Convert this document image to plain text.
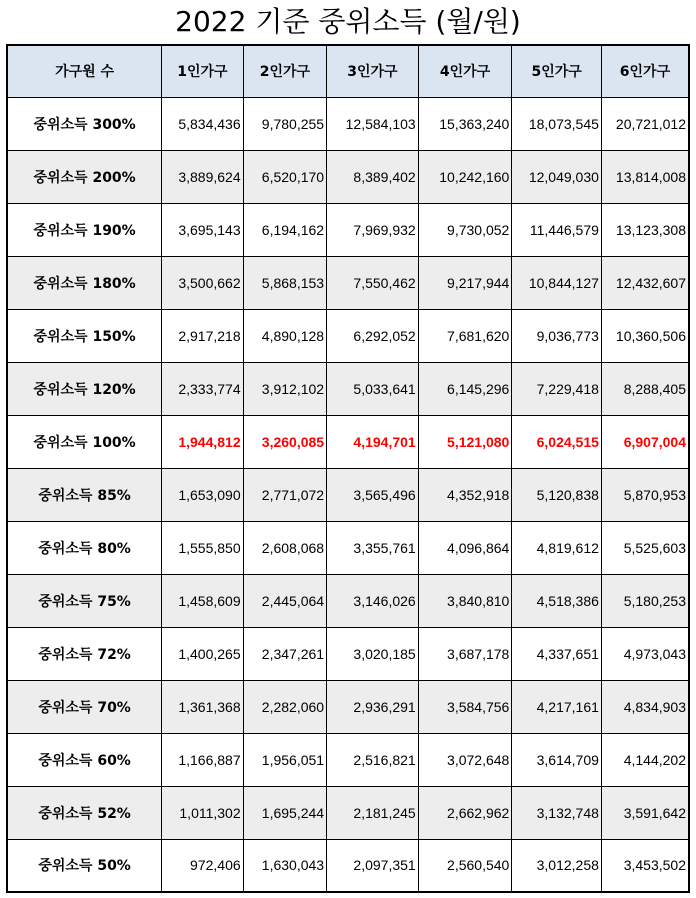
2022 기준 중위소득 (월/원)
가구원 수	1인가구	2인가구	3인가구	4인가구	5인가구	6인가구
중위소득 300%	5,834,436	9,780,255	12,584,103	15,363,240	18,073,545	20,721,012
중위소득 200%	3,889,624	6,520,170	8,389,402	10,242,160	12,049,030	13,814,008
중위소득 190%	3,695,143	6,194,162	7,969,932	9,730,052	11,446,579	13,123,308
중위소득 180%	3,500,662	5,868,153	7,550,462	9,217,944	10,844,127	12,432,607
중위소득 150%	2,917,218	4,890,128	6,292,052	7,681,620	9,036,773	10,360,506
중위소득 120%	2,333,774	3,912,102	5,033,641	6,145,296	7,229,418	8,288,405
중위소득 100%	1,944,812	3,260,085	4,194,701	5,121,080	6,024,515	6,907,004
중위소득 85%	1,653,090	2,771,072	3,565,496	4,352,918	5,120,838	5,870,953
중위소득 80%	1,555,850	2,608,068	3,355,761	4,096,864	4,819,612	5,525,603
중위소득 75%	1,458,609	2,445,064	3,146,026	3,840,810	4,518,386	5,180,253
중위소득 72%	1,400,265	2,347,261	3,020,185	3,687,178	4,337,651	4,973,043
중위소득 70%	1,361,368	2,282,060	2,936,291	3,584,756	4,217,161	4,834,903
중위소득 60%	1,166,887	1,956,051	2,516,821	3,072,648	3,614,709	4,144,202
중위소득 52%	1,011,302	1,695,244	2,181,245	2,662,962	3,132,748	3,591,642
중위소득 50%	972,406	1,630,043	2,097,351	2,560,540	3,012,258	3,453,502
